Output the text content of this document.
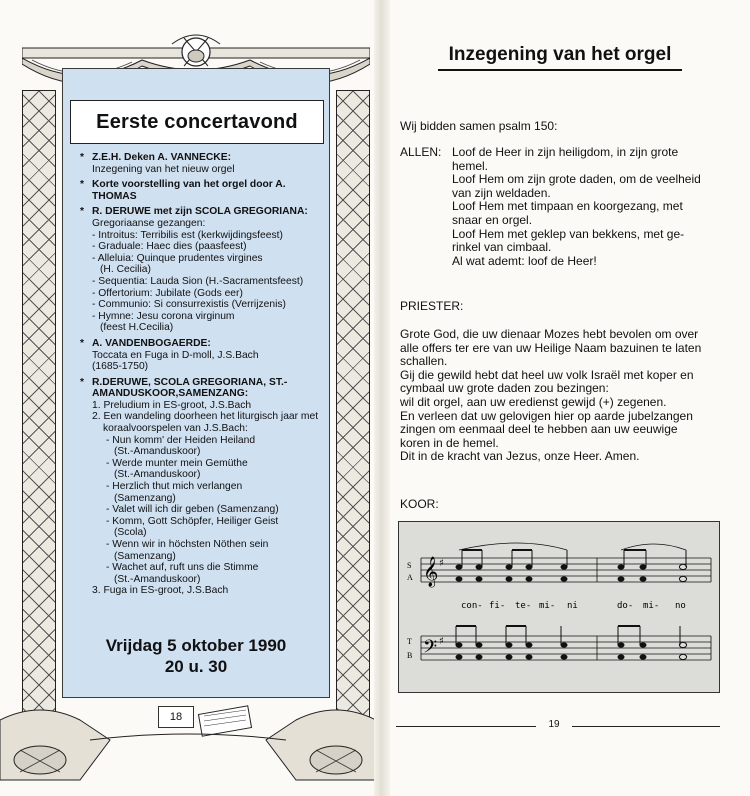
Eerste concertavond
* Z.E.H. Deken A. VANNECKE:
Inzegening van het nieuw orgel
* Korte voorstelling van het orgel door A. THOMAS
* R. DERUWE met zijn SCOLA GREGORIANA:
Gregoriaanse gezangen:
- Introitus: Terribilis est (kerkwijdingsfeest)
- Graduale: Haec dies (paasfeest)
- Alleluia: Quinque prudentes virgines
(H. Cecilia)
- Sequentia: Lauda Sion (H.-Sacramentsfeest)
- Offertorium: Jubilate (Gods eer)
- Communio: Si consurrexistis (Verrijzenis)
- Hymne: Jesu corona virginum
(feest H.Cecilia)
* A. VANDENBOGAERDE:
Toccata en Fuga in D-moll, J.S.Bach
(1685-1750)
* R.DERUWE, SCOLA GREGORIANA, ST.-AMANDUSKOOR,SAMENZANG:
1. Preludium in ES-groot, J.S.Bach
2. Een wandeling doorheen het liturgisch jaar met koraalvoorspelen van J.S.Bach:
- Nun komm' der Heiden Heiland
(St.-Amanduskoor)
- Werde munter mein Gemüthe
(St.-Amanduskoor)
- Herzlich thut mich verlangen
(Samenzang)
- Valet will ich dir geben (Samenzang)
- Komm, Gott Schöpfer, Heiliger Geist
(Scola)
- Wenn wir in höchsten Nöthen sein
(Samenzang)
- Wachet auf, ruft uns die Stimme
(St.-Amanduskoor)
3. Fuga in ES-groot, J.S.Bach
Vrijdag 5 oktober 1990
20 u. 30
18
Inzegening van het orgel
Wij bidden samen psalm 150:
ALLEN: Loof de Heer in zijn heiligdom, in zijn grote
hemel.
Loof Hem om zijn grote daden, om de veelheid
van zijn weldaden.
Loof Hem met timpaan en koorgezang, met
snaar en orgel.
Loof Hem met geklep van bekkens, met ge-
rinkel van cimbaal.
Al wat ademt: loof de Heer!
PRIESTER:
Grote God, die uw dienaar Mozes hebt bevolen om over
alle offers ter ere van uw Heilige Naam bazuinen te laten
schallen.
Gij die gewild hebt dat heel uw volk Israël met koper en
cymbaal uw grote daden zou bezingen:
wil dit orgel, aan uw eredienst gewijd (+) zegenen.
En verleen dat uw gelovigen hier op aarde jubelzangen
zingen om eenmaal deel te hebben aan uw eeuwige
koren in de hemel.
Dit in de kracht van Jezus, onze Heer. Amen.
KOOR:
S
A
T
B
𝄞
𝄢
♯
♯
con- fi- te- mi- ni	do- mi- no
19
